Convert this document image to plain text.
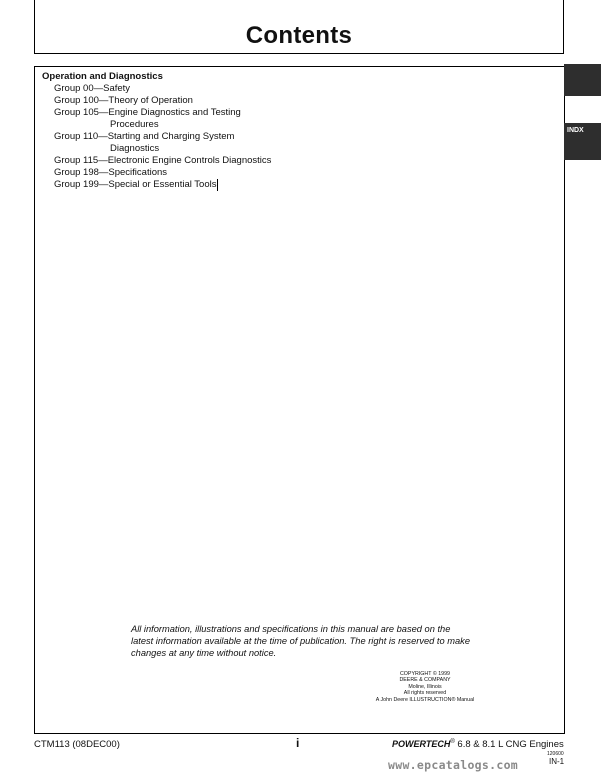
Contents
Operation and Diagnostics
Group 00 — Safety
Group 100 — Theory of Operation
Group 105 — Engine Diagnostics and Testing
Procedures
Group 110 — Starting and Charging System
Diagnostics
Group 115 — Electronic Engine Controls Diagnostics
Group 198 — Specifications
Group 199 — Special or Essential Tools
INDX
All information, illustrations and specifications in this manual are based on the latest information available at the time of publication. The right is reserved to make changes at any time without notice.
COPYRIGHT © 1999
DEERE & COMPANY
Moline, Illinois
All rights reserved
A John Deere ILLUSTRUCTION® Manual
CTM113 (08DEC00)	i	POWERTECH® 6.8 & 8.1 L CNG Engines
120600
IN-1
www.epcatalogs.com
